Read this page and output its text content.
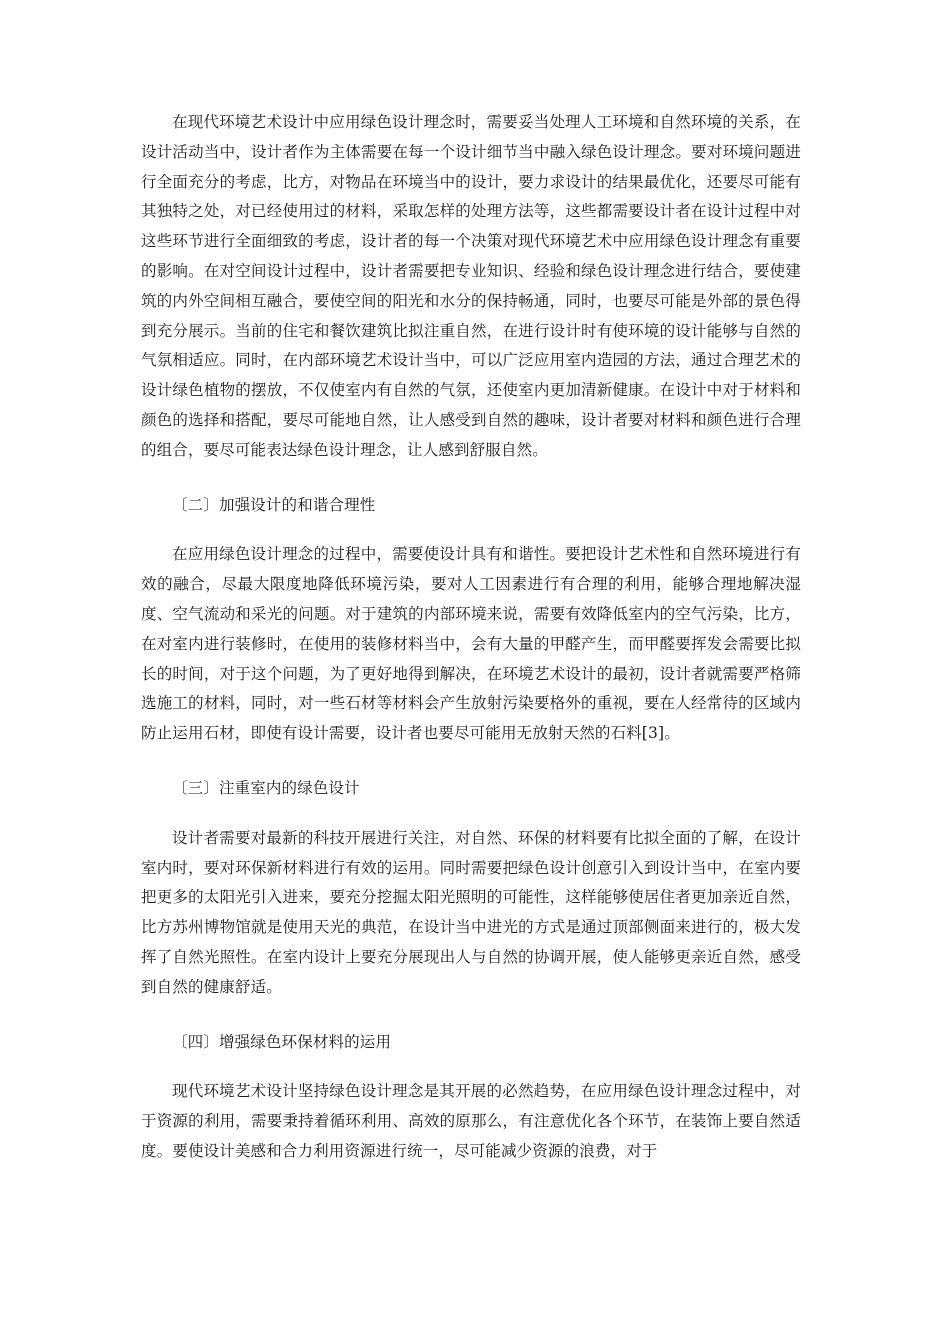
在现代环境艺术设计中应用绿色设计理念时，需要妥当处理人工环境和自然环境的关系，在设计活动当中，设计者作为主体需要在每一个设计细节当中融入绿色设计理念。要对环境问题进行全面充分的考虑，比方，对物品在环境当中的设计，要力求设计的结果最优化，还要尽可能有其独特之处，对已经使用过的材料，采取怎样的处理方法等，这些都需要设计者在设计过程中对这些环节进行全面细致的考虑，设计者的每一个决策对现代环境艺术中应用绿色设计理念有重要的影响。在对空间设计过程中，设计者需要把专业知识、经验和绿色设计理念进行结合，要使建筑的内外空间相互融合，要使空间的阳光和水分的保持畅通，同时，也要尽可能是外部的景色得到充分展示。当前的住宅和餐饮建筑比拟注重自然，在进行设计时有使环境的设计能够与自然的气氛相适应。同时，在内部环境艺术设计当中，可以广泛应用室内造园的方法，通过合理艺术的设计绿色植物的摆放，不仅使室内有自然的气氛，还使室内更加清新健康。在设计中对于材料和颜色的选择和搭配，要尽可能地自然，让人感受到自然的趣味，设计者要对材料和颜色进行合理的组合，要尽可能表达绿色设计理念，让人感到舒服自然。

〔二〕加强设计的和谐合理性

在应用绿色设计理念的过程中，需要使设计具有和谐性。要把设计艺术性和自然环境进行有效的融合，尽最大限度地降低环境污染，要对人工因素进行有合理的利用，能够合理地解决湿度、空气流动和采光的问题。对于建筑的内部环境来说，需要有效降低室内的空气污染，比方，在对室内进行装修时，在使用的装修材料当中，会有大量的甲醛产生，而甲醛要挥发会需要比拟长的时间，对于这个问题，为了更好地得到解决，在环境艺术设计的最初，设计者就需要严格筛选施工的材料，同时，对一些石材等材料会产生放射污染要格外的重视，要在人经常待的区域内防止运用石材，即使有设计需要，设计者也要尽可能用无放射天然的石料[3]。

〔三〕注重室内的绿色设计

设计者需要对最新的科技开展进行关注，对自然、环保的材料要有比拟全面的了解，在设计室内时，要对环保新材料进行有效的运用。同时需要把绿色设计创意引入到设计当中，在室内要把更多的太阳光引入进来，要充分挖掘太阳光照明的可能性，这样能够使居住者更加亲近自然，比方苏州博物馆就是使用天光的典范，在设计当中进光的方式是通过顶部侧面来进行的，极大发挥了自然光照性。在室内设计上要充分展现出人与自然的协调开展，使人能够更亲近自然，感受到自然的健康舒适。

〔四〕增强绿色环保材料的运用

现代环境艺术设计坚持绿色设计理念是其开展的必然趋势，在应用绿色设计理念过程中，对于资源的利用，需要秉持着循环利用、高效的原那么，有注意优化各个环节，在装饰上要自然适度。要使设计美感和合力利用资源进行统一，尽可能减少资源的浪费，对于
